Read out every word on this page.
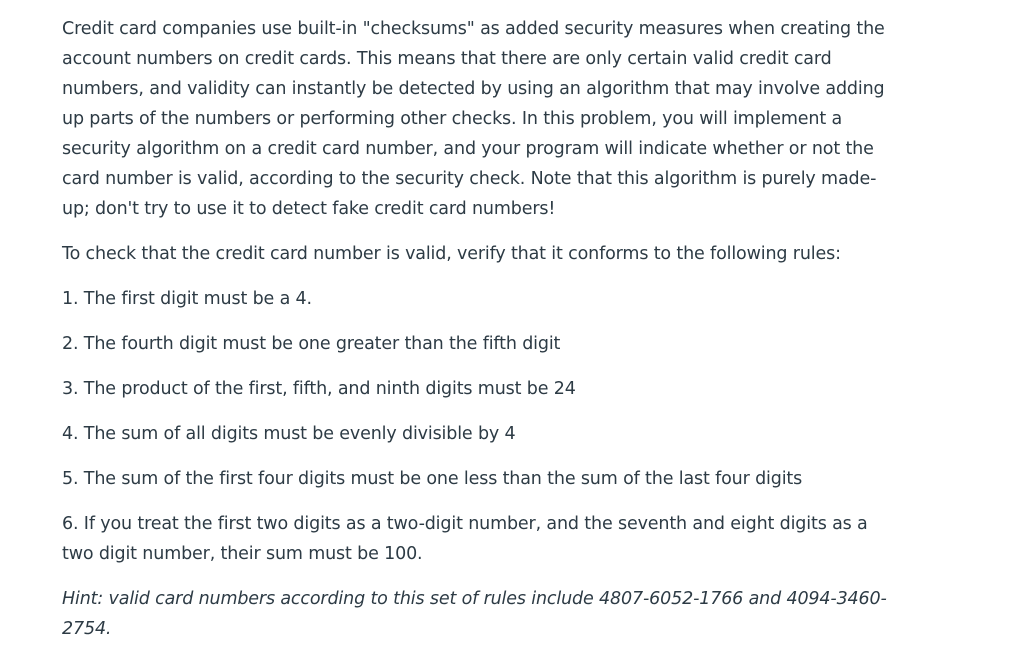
Credit card companies use built-in "checksums" as added security measures when creating the account numbers on credit cards. This means that there are only certain valid credit card numbers, and validity can instantly be detected by using an algorithm that may involve adding up parts of the numbers or performing other checks. In this problem, you will implement a security algorithm on a credit card number, and your program will indicate whether or not the card number is valid, according to the security check. Note that this algorithm is purely made-up; don't try to use it to detect fake credit card numbers!

To check that the credit card number is valid, verify that it conforms to the following rules:

1. The first digit must be a 4.

2. The fourth digit must be one greater than the fifth digit

3. The product of the first, fifth, and ninth digits must be 24

4. The sum of all digits must be evenly divisible by 4

5. The sum of the first four digits must be one less than the sum of the last four digits

6. If you treat the first two digits as a two-digit number, and the seventh and eight digits as a two digit number, their sum must be 100.

Hint: valid card numbers according to this set of rules include 4807-6052-1766 and 4094-3460-2754.
